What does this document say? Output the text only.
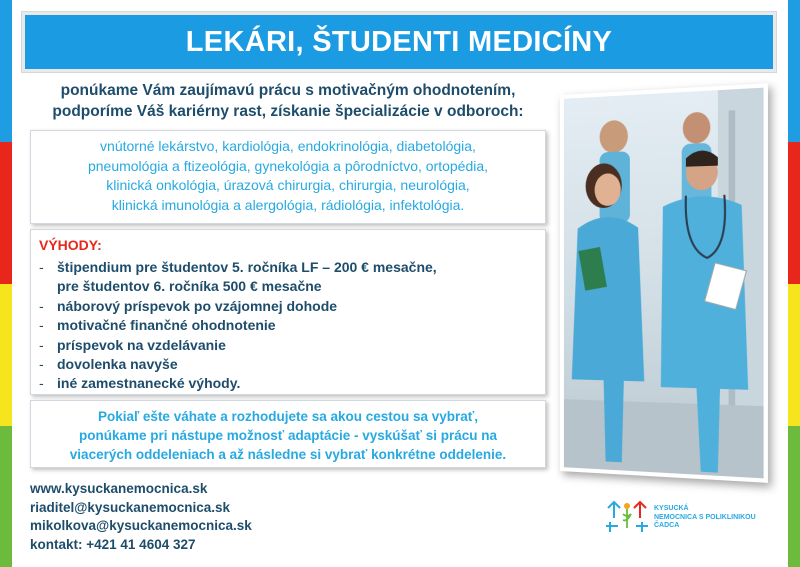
LEKÁRI, ŠTUDENTI MEDICÍNY
ponúkame Vám zaujímavú prácu s motivačným ohodnotením,
podporíme Váš kariérny rast, získanie špecializácie v odboroch:
vnútorné lekárstvo, kardiológia, endokrinológia, diabetológia,
pneumológia a ftizeológia, gynekológia a pôrodníctvo, ortopédia,
klinická onkológia, úrazová chirurgia, chirurgia, neurológia,
klinická imunológia a alergológia, rádiológia, infektológia.
VÝHODY:
- štipendium pre študentov 5. ročníka LF – 200 € mesačne,
pre študentov 6. ročníka 500 € mesačne
- náborový príspevok po vzájomnej dohode
- motivačné finančné ohodnotenie
- príspevok na vzdelávanie
- dovolenka navyše
- iné zamestnanecké výhody.
Pokiaľ ešte váhate a rozhodujete sa akou cestou sa vybrať,
ponúkame pri nástupe možnosť adaptácie - vyskúšať si prácu na
viacerých oddeleniach a až následne si vybrať konkrétne oddelenie.
www.kysuckanemocnica.sk
riaditel@kysuckanemocnica.sk
mikolkova@kysuckanemocnica.sk
kontakt: +421 41 4604 327
KYSUCKÁ
NEMOCNICA S POLIKLINIKOU
ČADCA
